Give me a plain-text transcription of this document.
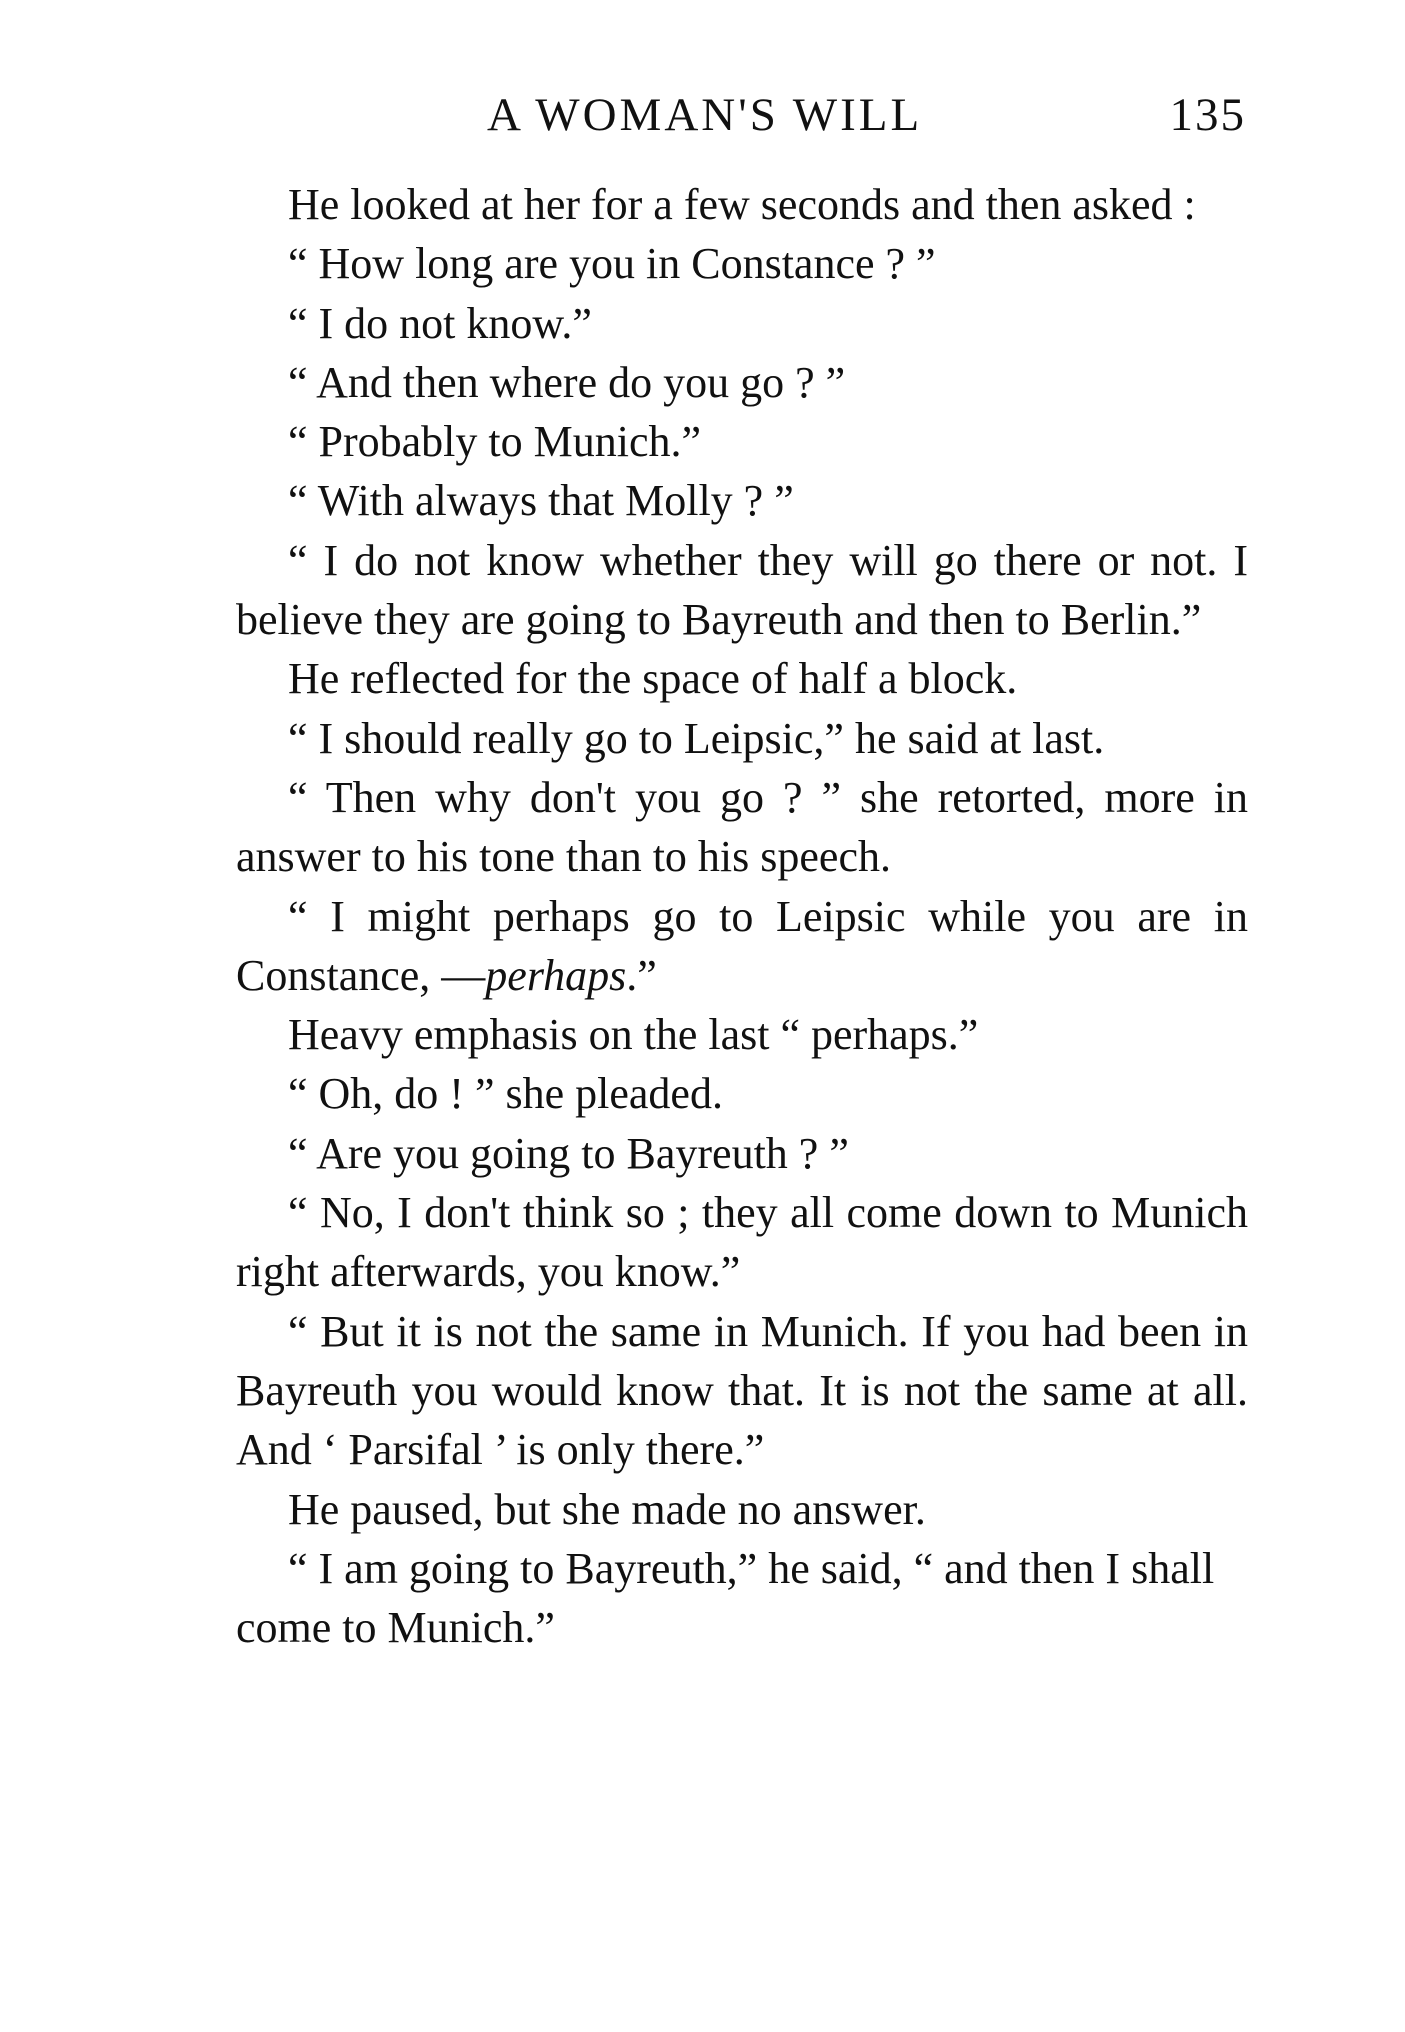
A WOMAN'S WILL	135

He looked at her for a few seconds and then asked :

“ How long are you in Constance ? ”

“ I do not know.”

“ And then where do you go ? ”

“ Probably to Munich.”

“ With always that Molly ? ”

“ I do not know whether they will go there or not. I believe they are going to Bayreuth and then to Berlin.”

He reflected for the space of half a block.

“ I should really go to Leipsic,” he said at last.

“ Then why don't you go ? ” she retorted, more in answer to his tone than to his speech.

“ I might perhaps go to Leipsic while you are in Constance, —perhaps.”

Heavy emphasis on the last “ perhaps.”

“ Oh, do ! ” she pleaded.

“ Are you going to Bayreuth ? ”

“ No, I don't think so ; they all come down to Munich right afterwards, you know.”

“ But it is not the same in Munich. If you had been in Bayreuth you would know that. It is not the same at all. And ‘ Parsifal ’ is only there.”

He paused, but she made no answer.

“ I am going to Bayreuth,” he said, “ and then I shall come to Munich.”
